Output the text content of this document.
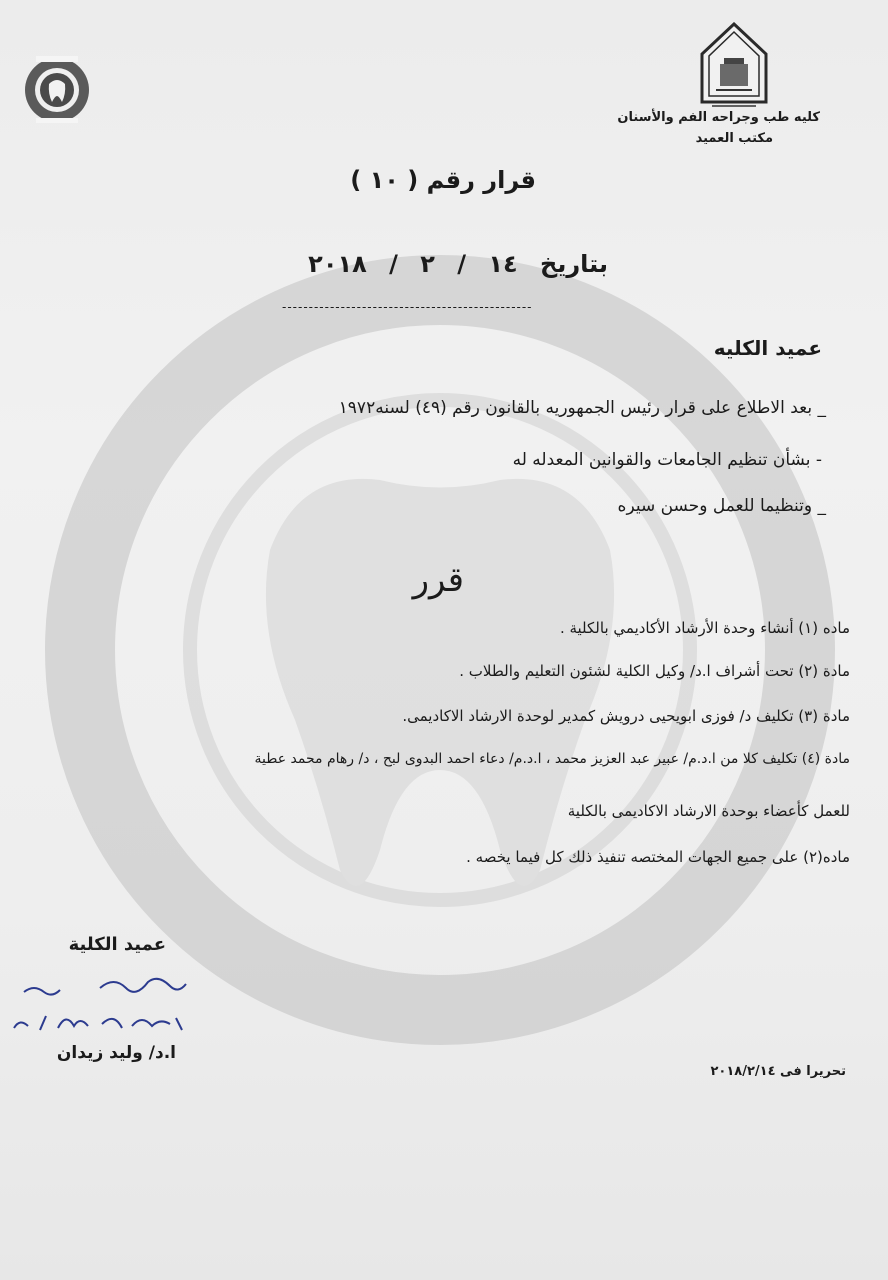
كليه طب وجراحه الفم والأسنان
مكتب العميد
قرار رقم ( ١٠ )
بتاريخ ١٤ / ٢ / ٢٠١٨
-----------------------------------------------
عميد الكليه
_ بعد الاطلاع على قرار رئيس الجمهوريه بالقانون رقم (٤٩) لسنه١٩٧٢
- بشأن تنظيم الجامعات والقوانين المعدله له
_ وتنظيما للعمل وحسن سيره
قرر
ماده (١) أنشاء وحدة الأرشاد الأكاديمي بالكلية .
مادة (٢) تحت أشراف ا.د/ وكيل الكلية لشئون التعليم والطلاب .
مادة (٣) تكليف د/ فوزى ابويحيى درويش كمدير لوحدة الارشاد الاكاديمى.
مادة (٤) تكليف كلا من ا.د.م/ عبير عبد العزيز محمد ، ا.د.م/ دعاء احمد البدوى لبح ، د/ رهام محمد عطية
للعمل كأعضاء بوحدة الارشاد الاكاديمى بالكلية
ماده(٢) على جميع الجهات المختصه تنفيذ ذلك كل فيما يخصه .
عميد الكلية
ا.د/ وليد زيدان
تحريرا فى ٢٠١٨/٢/١٤
